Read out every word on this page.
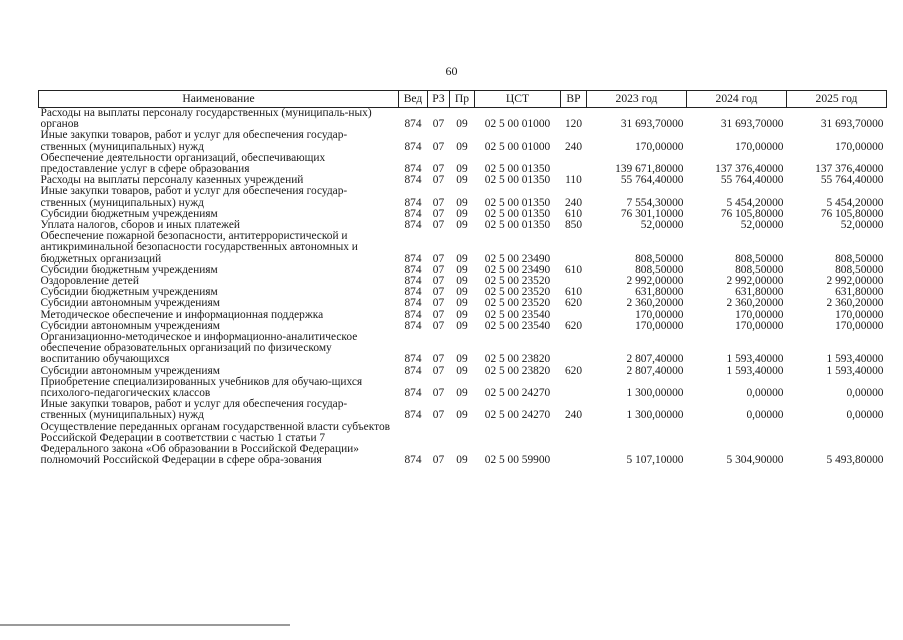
60
Наименование	Вед	РЗ	Пр	ЦСТ	ВР	2023 год	2024 год	2025 год
Расходы на выплаты персоналу государственных (муниципаль-ных) органов	874	07	09	02 5 00 01000	120	31 693,70000	31 693,70000	31 693,70000
Иные закупки товаров, работ и услуг для обеспечения государ-ственных (муниципальных) нужд	874	07	09	02 5 00 01000	240	170,00000	170,00000	170,00000
Обеспечение деятельности организаций, обеспечивающих предоставление услуг в сфере образования	874	07	09	02 5 00 01350		139 671,80000	137 376,40000	137 376,40000
Расходы на выплаты персоналу казенных учреждений	874	07	09	02 5 00 01350	110	55 764,40000	55 764,40000	55 764,40000
Иные закупки товаров, работ и услуг для обеспечения государ-ственных (муниципальных) нужд	874	07	09	02 5 00 01350	240	7 554,30000	5 454,20000	5 454,20000
Субсидии бюджетным учреждениям	874	07	09	02 5 00 01350	610	76 301,10000	76 105,80000	76 105,80000
Уплата налогов, сборов и иных платежей	874	07	09	02 5 00 01350	850	52,00000	52,00000	52,00000
Обеспечение пожарной безопасности, антитеррористической и антикриминальной безопасности государственных автономных и бюджетных организаций	874	07	09	02 5 00 23490		808,50000	808,50000	808,50000
Субсидии бюджетным учреждениям	874	07	09	02 5 00 23490	610	808,50000	808,50000	808,50000
Оздоровление детей	874	07	09	02 5 00 23520		2 992,00000	2 992,00000	2 992,00000
Субсидии бюджетным учреждениям	874	07	09	02 5 00 23520	610	631,80000	631,80000	631,80000
Субсидии автономным учреждениям	874	07	09	02 5 00 23520	620	2 360,20000	2 360,20000	2 360,20000
Методическое обеспечение и информационная поддержка	874	07	09	02 5 00 23540		170,00000	170,00000	170,00000
Субсидии автономным учреждениям	874	07	09	02 5 00 23540	620	170,00000	170,00000	170,00000
Организационно-методическое и информационно-аналитическое обеспечение образовательных организаций по физическому воспитанию обучающихся	874	07	09	02 5 00 23820		2 807,40000	1 593,40000	1 593,40000
Субсидии автономным учреждениям	874	07	09	02 5 00 23820	620	2 807,40000	1 593,40000	1 593,40000
Приобретение специализированных учебников для обучаю-щихся психолого-педагогических классов	874	07	09	02 5 00 24270		1 300,00000	0,00000	0,00000
Иные закупки товаров, работ и услуг для обеспечения государ-ственных (муниципальных) нужд	874	07	09	02 5 00 24270	240	1 300,00000	0,00000	0,00000
Осуществление переданных органам государственной власти субъектов Российской Федерации в соответствии с частью 1 статьи 7 Федерального закона «Об образовании в Российской Федерации» полномочий Российской Федерации в сфере обра-зования	874	07	09	02 5 00 59900		5 107,10000	5 304,90000	5 493,80000
